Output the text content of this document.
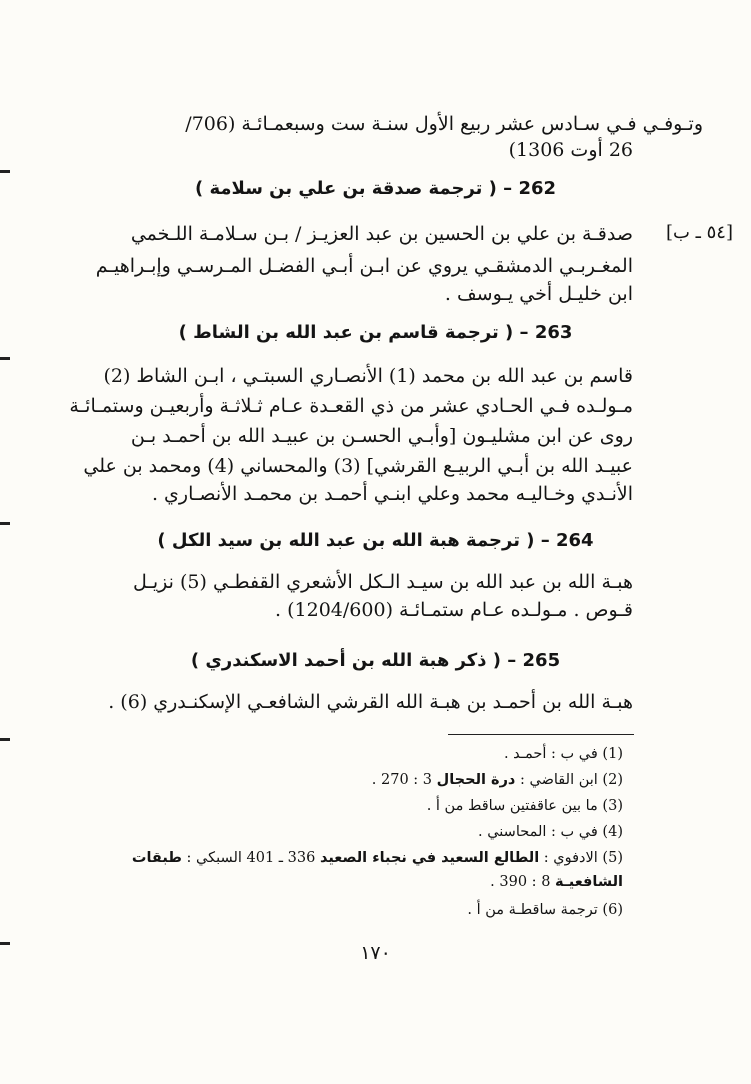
وتـوفـي فـي سـادس عشر ربيع الأول سنـة ست وسبعمـائـة (706/
26 أوت 1306)
262 – ( ترجمة صدقة بن علي بن سلامة )
[٥٤ ـ ب]
صدقـة بن علي بن الحسين بن عبد العزيـز / بـن سـلامـة اللـخمي
المغـربـي الدمشقـي يروي عن ابـن أبـي الفضـل المـرسـي وإبـراهيـم
ابن خليـل أخي يـوسف .
263 – ( ترجمة قاسم بن عبد الله بن الشاط )
قاسم بن عبد الله بن محمد (1) الأنصـاري السبتـي ، ابـن الشاط (2)
مـولـده فـي الحـادي عشر من ذي القعـدة عـام ثـلاثـة وأربعيـن وستمـائـة
روى عن ابن مشليـون [وأبـي الحسـن بن عبيـد الله بن أحمـد بـن
عبيـد الله بن أبـي الربيـع القرشي] (3) والمحساني (4) ومحمد بن علي
الأنـدي وخـاليـه محمد وعلي ابنـي أحمـد بن محمـد الأنصـاري .
264 – ( ترجمة هبة الله بن عبد الله بن سيد الكل )
هبـة الله بن عبد الله بن سيـد الـكل الأشعري القفطـي (5) نزيـل
قـوص . مـولـده عـام ستمـائـة (1204/600) .
265 – ( ذكر هبة الله بن أحمد الاسكندري )
هبـة الله بن أحمـد بن هبـة الله القرشي الشافعـي الإسكنـدري (6) .
(1) في ب : أحمـد .
(2) ابن القاضي : درة الحجال 3 : 270 .
(3) ما بين عاقفتين ساقط من أ .
(4) في ب : المحاسني .
(5) الادفوي : الطالع السعيد في نجباء الصعيد 336 ـ 401 السبكي : طبقات
الشافعيـة 8 : 390 .
(6) ترجمة ساقطـة من أ .
١٧٠
